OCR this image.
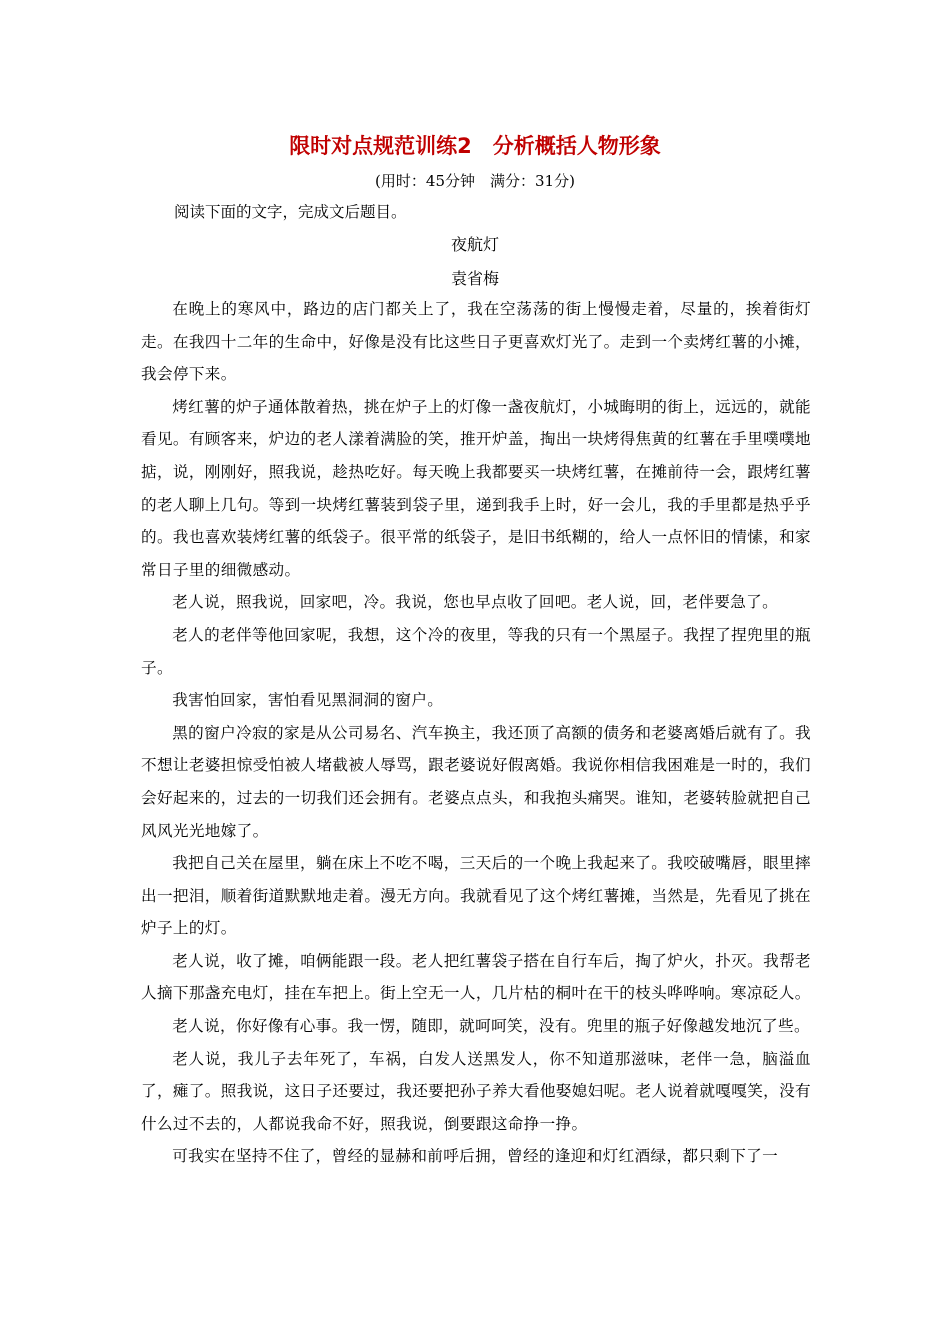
限时对点规范训练2　分析概括人物形象
(用时：45分钟　满分：31分)
阅读下面的文字，完成文后题目。
夜航灯
袁省梅

在晚上的寒风中，路边的店门都关上了，我在空荡荡的街上慢慢走着，尽量的，挨着街灯走。在我四十二年的生命中，好像是没有比这些日子更喜欢灯光了。走到一个卖烤红薯的小摊，我会停下来。

烤红薯的炉子通体散着热，挑在炉子上的灯像一盏夜航灯，小城晦明的街上，远远的，就能看见。有顾客来，炉边的老人漾着满脸的笑，推开炉盖，掏出一块烤得焦黄的红薯在手里噗噗地掂，说，刚刚好，照我说，趁热吃好。每天晚上我都要买一块烤红薯，在摊前待一会，跟烤红薯的老人聊上几句。等到一块烤红薯装到袋子里，递到我手上时，好一会儿，我的手里都是热乎乎的。我也喜欢装烤红薯的纸袋子。很平常的纸袋子，是旧书纸糊的，给人一点怀旧的情愫，和家常日子里的细微感动。

老人说，照我说，回家吧，冷。我说，您也早点收了回吧。老人说，回，老伴要急了。

老人的老伴等他回家呢，我想，这个冷的夜里，等我的只有一个黑屋子。我捏了捏兜里的瓶子。

我害怕回家，害怕看见黑洞洞的窗户。

黑的窗户冷寂的家是从公司易名、汽车换主，我还顶了高额的债务和老婆离婚后就有了。我不想让老婆担惊受怕被人堵截被人辱骂，跟老婆说好假离婚。我说你相信我困难是一时的，我们会好起来的，过去的一切我们还会拥有。老婆点点头，和我抱头痛哭。谁知，老婆转脸就把自己风风光光地嫁了。

我把自己关在屋里，躺在床上不吃不喝，三天后的一个晚上我起来了。我咬破嘴唇，眼里摔出一把泪，顺着街道默默地走着。漫无方向。我就看见了这个烤红薯摊，当然是，先看见了挑在炉子上的灯。

老人说，收了摊，咱俩能跟一段。老人把红薯袋子搭在自行车后，掏了炉火，扑灭。我帮老人摘下那盏充电灯，挂在车把上。街上空无一人，几片枯的桐叶在干的枝头哗哗响。寒凉砭人。

老人说，你好像有心事。我一愣，随即，就呵呵笑，没有。兜里的瓶子好像越发地沉了些。

老人说，我儿子去年死了，车祸，白发人送黑发人，你不知道那滋味，老伴一急，脑溢血了，瘫了。照我说，这日子还要过，我还要把孙子养大看他娶媳妇呢。老人说着就嘎嘎笑，没有什么过不去的，人都说我命不好，照我说，倒要跟这命挣一挣。

可我实在坚持不住了，曾经的显赫和前呼后拥，曾经的逢迎和灯红酒绿，都只剩下了一
